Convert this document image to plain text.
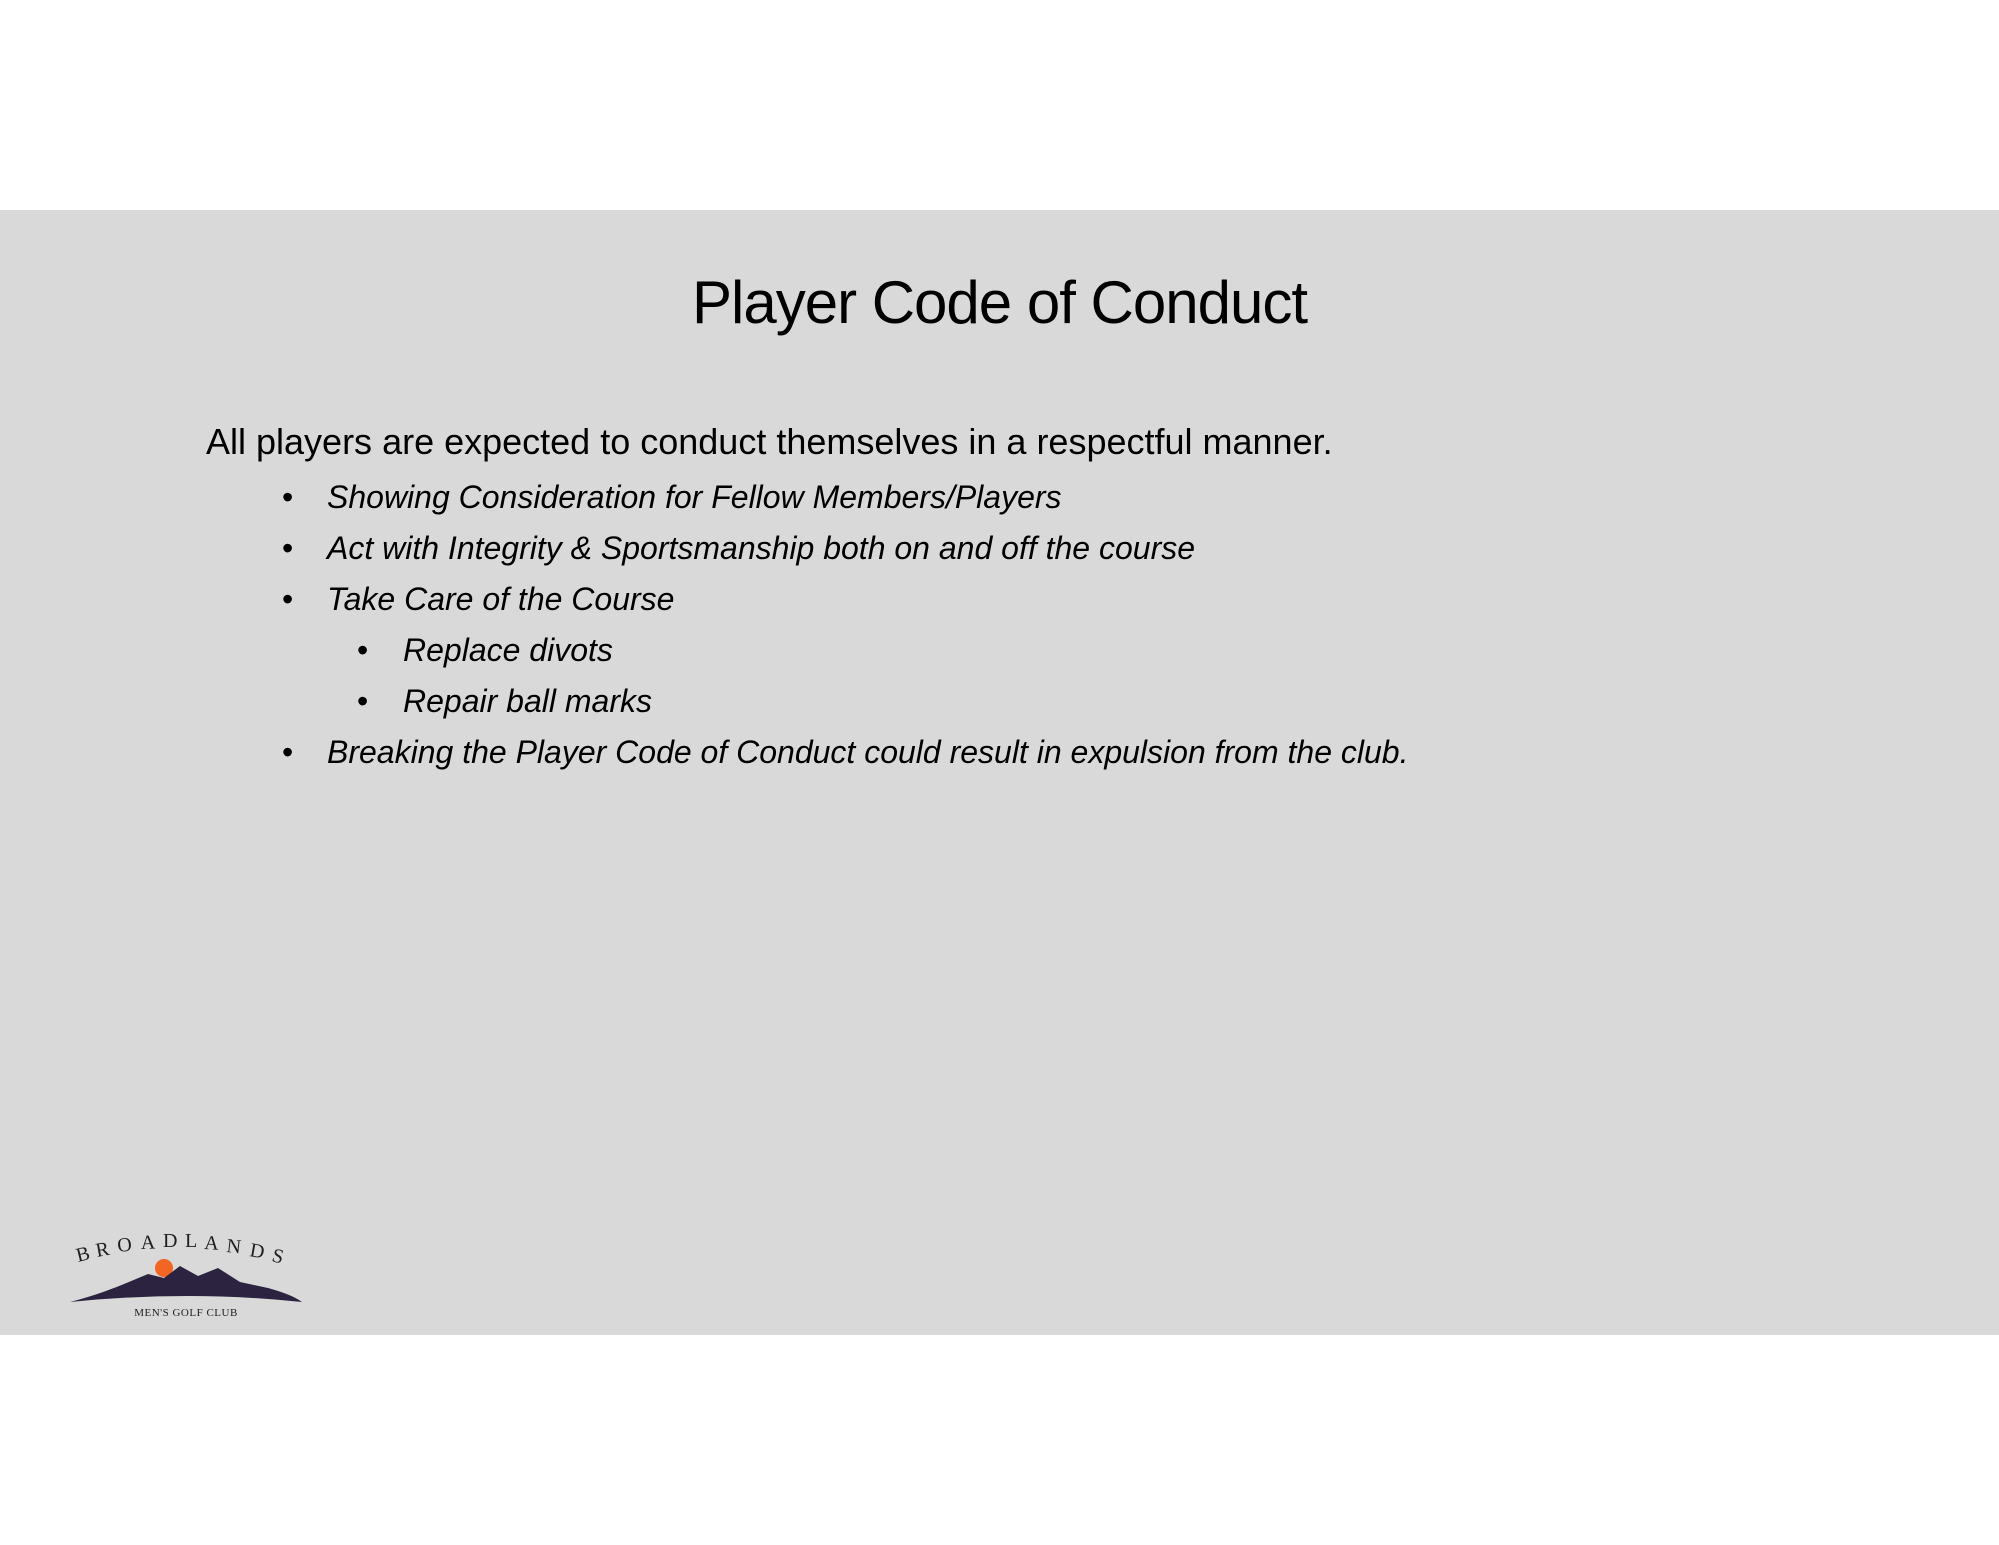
Player Code of Conduct

All players are expected to conduct themselves in a respectful manner.

• Showing Consideration for Fellow Members/Players
• Act with Integrity & Sportsmanship both on and off the course
• Take Care of the Course
• Replace divots
• Repair ball marks
• Breaking the Player Code of Conduct could result in expulsion from the club.
B R O A D L A N D S
MEN'S GOLF CLUB
